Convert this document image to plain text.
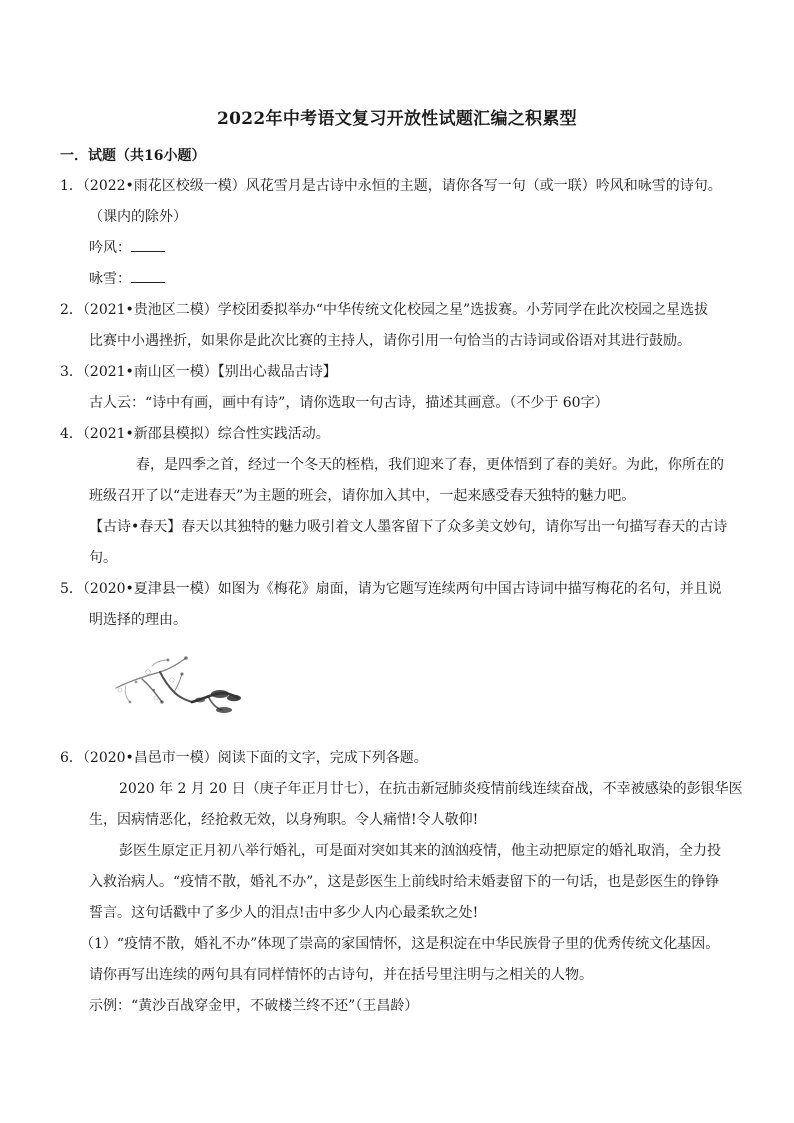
2022年中考语文复习开放性试题汇编之积累型
一．试题（共16小题）
1．（2022•雨花区校级一模）风花雪月是古诗中永恒的主题，请你各写一句（或一联）吟风和咏雪的诗句。
（课内的除外）
吟风：
咏雪：
2．（2021•贵池区二模）学校团委拟举办“中华传统文化校园之星”选拔赛。小芳同学在此次校园之星选拔
比赛中小遇挫折，如果你是此次比赛的主持人，请你引用一句恰当的古诗词或俗语对其进行鼓励。
3．（2021•南山区一模）【别出心裁品古诗】
古人云：“诗中有画，画中有诗”，请你选取一句古诗，描述其画意。（不少于 60字）
4．（2021•新邵县模拟）综合性实践活动。
春，是四季之首，经过一个冬天的桎梏，我们迎来了春，更体悟到了春的美好。为此，你所在的
班级召开了以“走进春天”为主题的班会，请你加入其中，一起来感受春天独特的魅力吧。
【古诗•春天】春天以其独特的魅力吸引着文人墨客留下了众多美文妙句，请你写出一句描写春天的古诗
句。
5．（2020•夏津县一模）如图为《梅花》扇面，请为它题写连续两句中国古诗词中描写梅花的名句，并且说
明选择的理由。
6．（2020•昌邑市一模）阅读下面的文字，完成下列各题。
2020 年 2 月 20 日（庚子年正月廿七），在抗击新冠肺炎疫情前线连续奋战，不幸被感染的彭银华医
生，因病情恶化，经抢救无效，以身殉职。令人痛惜!令人敬仰!
彭医生原定正月初八举行婚礼，可是面对突如其来的汹汹疫情，他主动把原定的婚礼取消，全力投
入救治病人。“疫情不散，婚礼不办”，这是彭医生上前线时给未婚妻留下的一句话，也是彭医生的铮铮
誓言。这句话戳中了多少人的泪点!击中多少人内心最柔软之处!
（1）“疫情不散，婚礼不办”体现了崇高的家国情怀，这是积淀在中华民族骨子里的优秀传统文化基因。
请你再写出连续的两句具有同样情怀的古诗句，并在括号里注明与之相关的人物。
示例：“黄沙百战穿金甲，不破楼兰终不还”（王昌龄）
